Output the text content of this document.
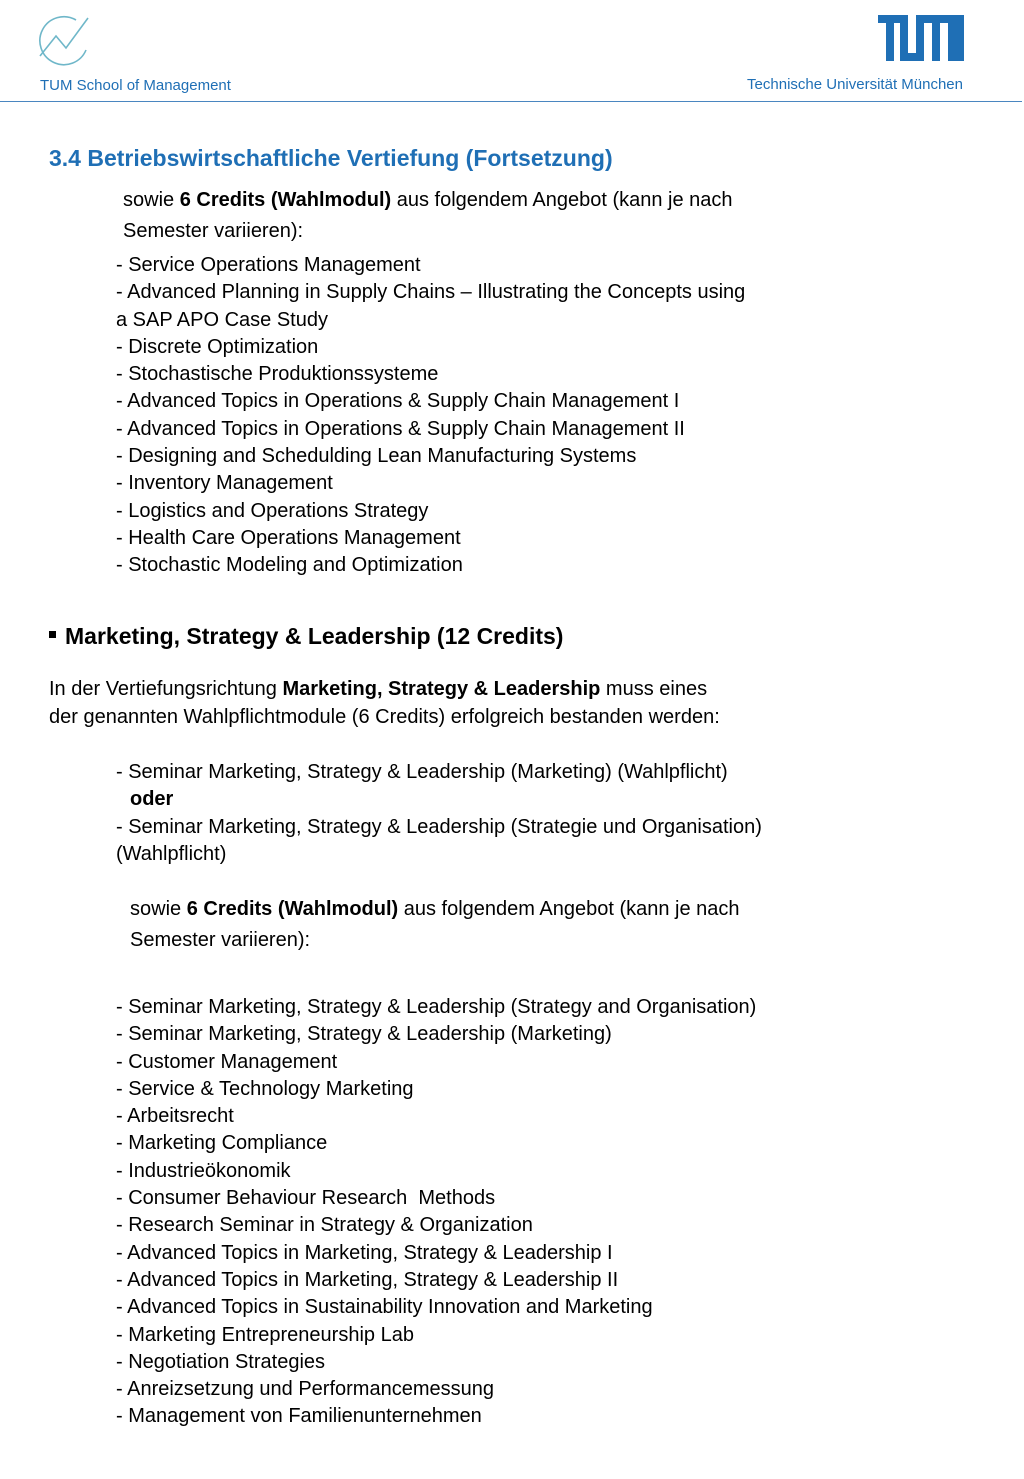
TUM School of Management	Technische Universität München
3.4 Betriebswirtschaftliche Vertiefung (Fortsetzung)
sowie 6 Credits (Wahlmodul) aus folgendem Angebot (kann je nach
Semester variieren):
- Service Operations Management
- Advanced Planning in Supply Chains – Illustrating the Concepts using
a SAP APO Case Study
- Discrete Optimization
- Stochastische Produktionssysteme
- Advanced Topics in Operations & Supply Chain Management I
- Advanced Topics in Operations & Supply Chain Management II
- Designing and Schedulding Lean Manufacturing Systems
- Inventory Management
- Logistics and Operations Strategy
- Health Care Operations Management
- Stochastic Modeling and Optimization
Marketing, Strategy & Leadership (12 Credits)
In der Vertiefungsrichtung Marketing, Strategy & Leadership muss eines
der genannten Wahlpflichtmodule (6 Credits) erfolgreich bestanden werden:
- Seminar Marketing, Strategy & Leadership (Marketing) (Wahlpflicht)
oder
- Seminar Marketing, Strategy & Leadership (Strategie und Organisation)
(Wahlpflicht)
sowie 6 Credits (Wahlmodul) aus folgendem Angebot (kann je nach
Semester variieren):
- Seminar Marketing, Strategy & Leadership (Strategy and Organisation)
- Seminar Marketing, Strategy & Leadership (Marketing)
- Customer Management
- Service & Technology Marketing
- Arbeitsrecht
- Marketing Compliance
- Industrieökonomik
- Consumer Behaviour Research  Methods
- Research Seminar in Strategy & Organization
- Advanced Topics in Marketing, Strategy & Leadership I
- Advanced Topics in Marketing, Strategy & Leadership II
- Advanced Topics in Sustainability Innovation and Marketing
- Marketing Entrepreneurship Lab
- Negotiation Strategies
- Anreizsetzung und Performancemessung
- Management von Familienunternehmen
